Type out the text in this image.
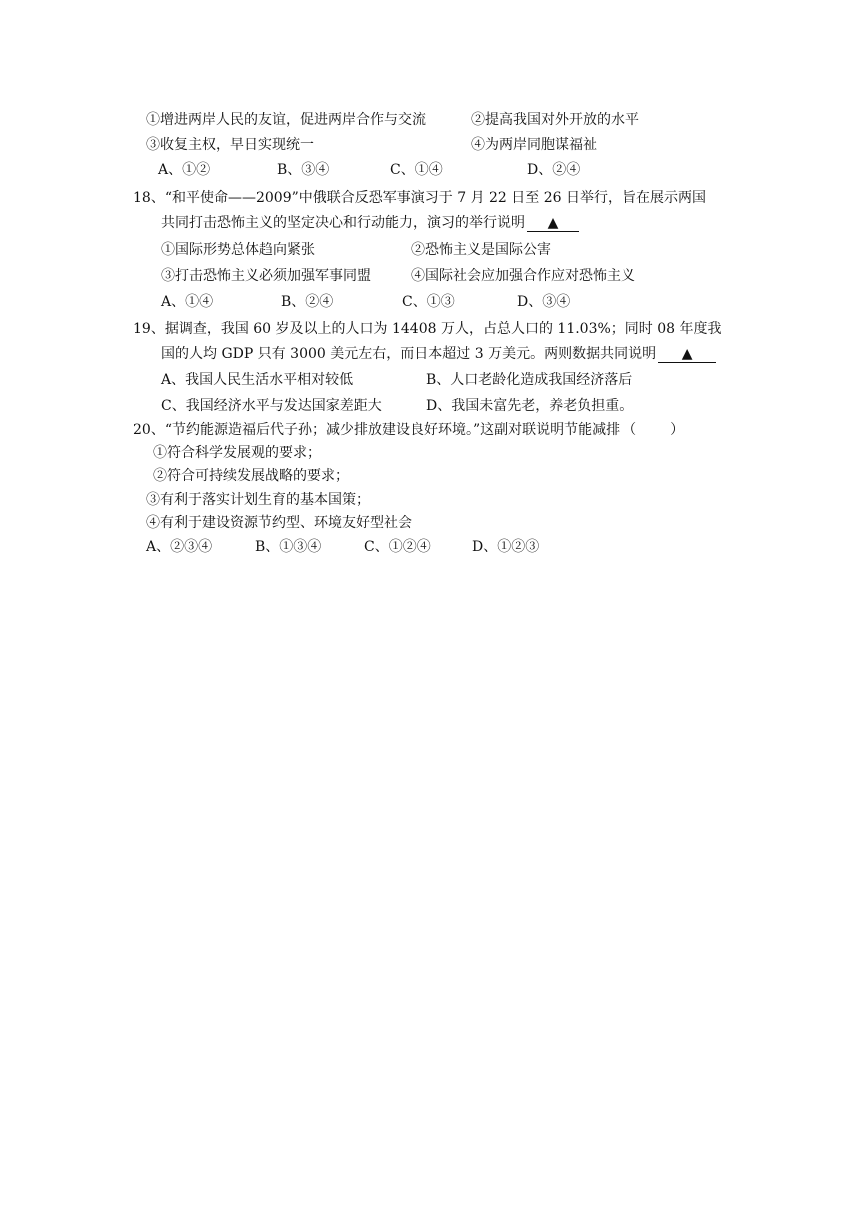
①增进两岸人民的友谊，促进两岸合作与交流	②提高我国对外开放的水平
③收复主权，早日实现统一	④为两岸同胞谋福祉
A、①②	B、③④	C、①④	D、②④
18、“和平使命——2009”中俄联合反恐军事演习于 7 月 22 日至 26 日举行，旨在展示两国
共同打击恐怖主义的坚定决心和行动能力，演习的举行说明 ▲
①国际形势总体趋向紧张	②恐怖主义是国际公害
③打击恐怖主义必须加强军事同盟	④国际社会应加强合作应对恐怖主义
A、①④	B、②④	C、①③	D、③④
19、据调查，我国 60 岁及以上的人口为 14408 万人，占总人口的 11.03%；同时 08 年度我
国的人均 GDP 只有 3000 美元左右，而日本超过 3 万美元。两则数据共同说明 ▲
A、我国人民生活水平相对较低	B、人口老龄化造成我国经济落后
C、我国经济水平与发达国家差距大	D、我国未富先老，养老负担重。
20、“节约能源造福后代子孙；减少排放建设良好环境。”这副对联说明节能减排 （ ）
①符合科学发展观的要求；
②符合可持续发展战略的要求；
③有利于落实计划生育的基本国策；
④有利于建设资源节约型、环境友好型社会
A、②③④	B、①③④	C、①②④	D、①②③
